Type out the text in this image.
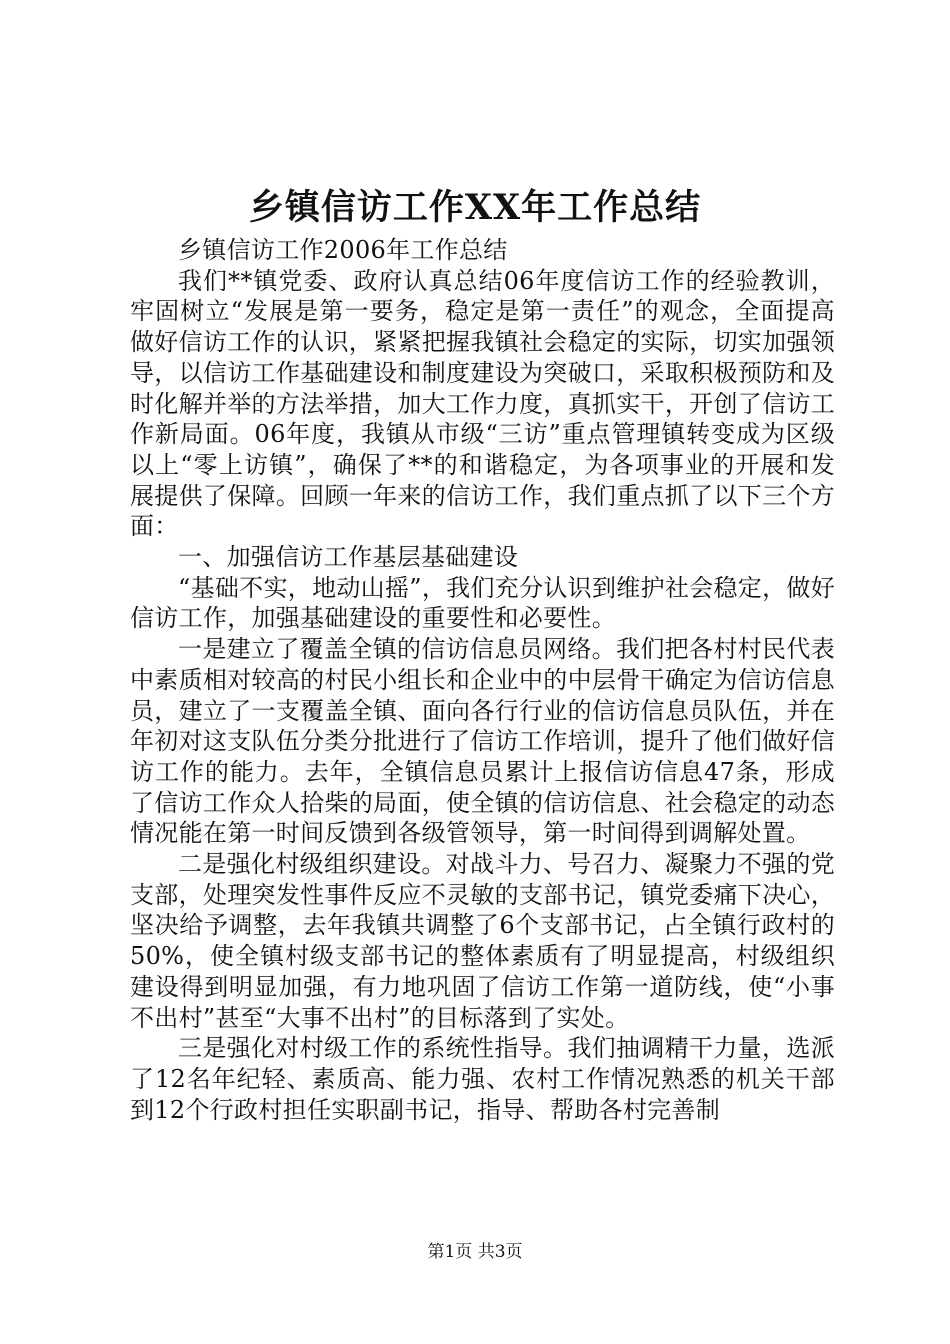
乡镇信访工作XX年工作总结

乡镇信访工作2006年工作总结

我们**镇党委、政府认真总结06年度信访工作的经验教训，牢固树立“发展是第一要务，稳定是第一责任”的观念，全面提高做好信访工作的认识，紧紧把握我镇社会稳定的实际，切实加强领导，以信访工作基础建设和制度建设为突破口，采取积极预防和及时化解并举的方法举措，加大工作力度，真抓实干，开创了信访工作新局面。06年度，我镇从市级“三访”重点管理镇转变成为区级以上“零上访镇”，确保了**的和谐稳定，为各项事业的开展和发展提供了保障。回顾一年来的信访工作，我们重点抓了以下三个方面：

一、加强信访工作基层基础建设

“基础不实，地动山摇”，我们充分认识到维护社会稳定，做好信访工作，加强基础建设的重要性和必要性。

一是建立了覆盖全镇的信访信息员网络。我们把各村村民代表中素质相对较高的村民小组长和企业中的中层骨干确定为信访信息员，建立了一支覆盖全镇、面向各行行业的信访信息员队伍，并在年初对这支队伍分类分批进行了信访工作培训，提升了他们做好信访工作的能力。去年，全镇信息员累计上报信访信息47条，形成了信访工作众人拾柴的局面，使全镇的信访信息、社会稳定的动态情况能在第一时间反馈到各级管领导，第一时间得到调解处置。

二是强化村级组织建设。对战斗力、号召力、凝聚力不强的党支部，处理突发性事件反应不灵敏的支部书记，镇党委痛下决心，坚决给予调整，去年我镇共调整了6个支部书记，占全镇行政村的50%，使全镇村级支部书记的整体素质有了明显提高，村级组织建设得到明显加强，有力地巩固了信访工作第一道防线，使“小事不出村”甚至“大事不出村”的目标落到了实处。

三是强化对村级工作的系统性指导。我们抽调精干力量，选派了12名年纪轻、素质高、能力强、农村工作情况熟悉的机关干部到12个行政村担任实职副书记，指导、帮助各村完善制

第1页 共3页
